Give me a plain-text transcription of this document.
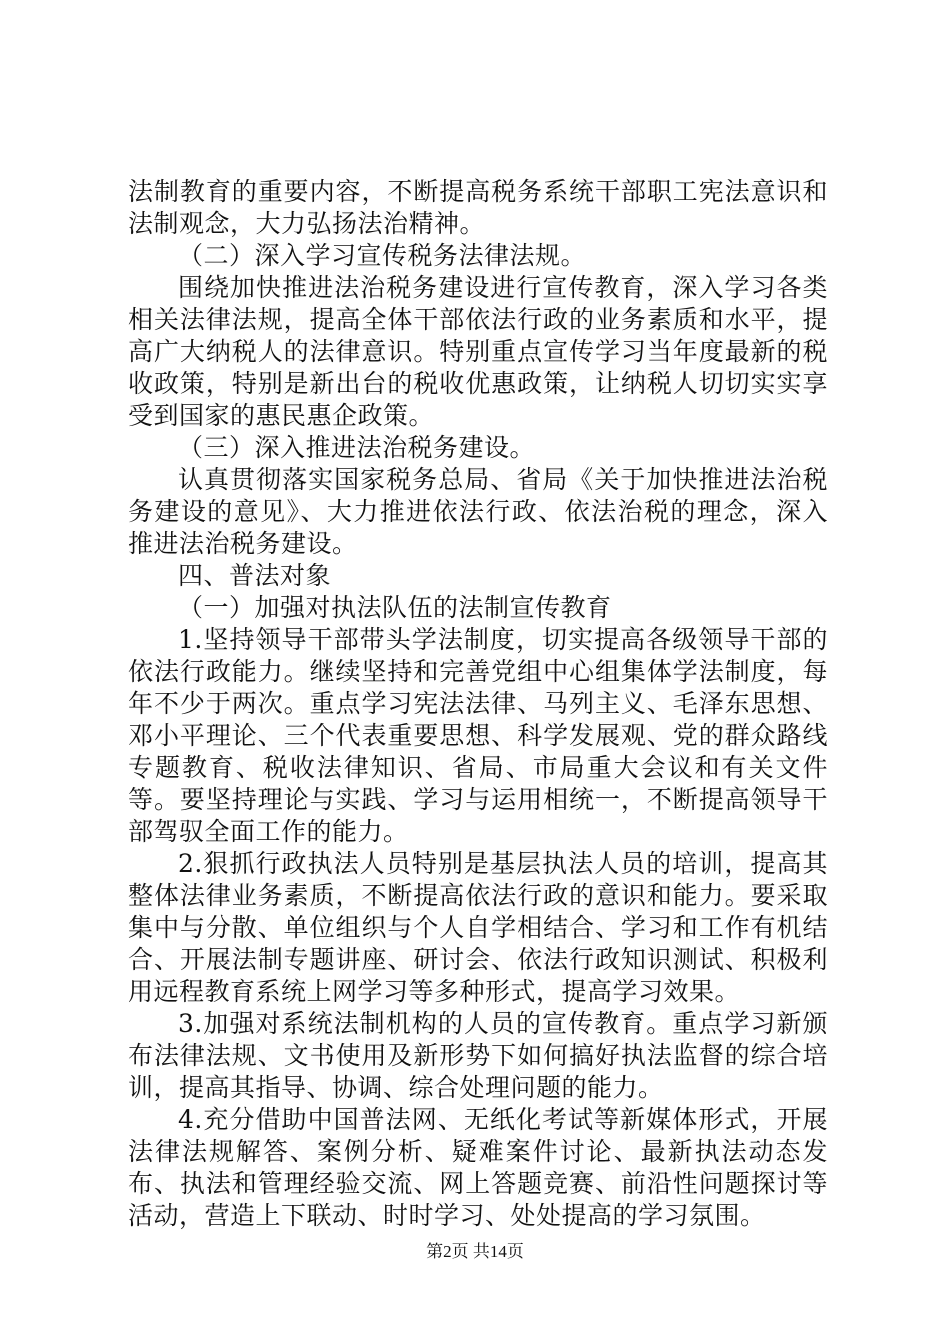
法制教育的重要内容，不断提高税务系统干部职工宪法意识和法制观念，大力弘扬法治精神。

（二）深入学习宣传税务法律法规。

围绕加快推进法治税务建设进行宣传教育，深入学习各类相关法律法规，提高全体干部依法行政的业务素质和水平，提高广大纳税人的法律意识。特别重点宣传学习当年度最新的税收政策，特别是新出台的税收优惠政策，让纳税人切切实实享受到国家的惠民惠企政策。

（三）深入推进法治税务建设。

认真贯彻落实国家税务总局、省局《关于加快推进法治税务建设的意见》、大力推进依法行政、依法治税的理念，深入推进法治税务建设。

四、普法对象

（一）加强对执法队伍的法制宣传教育

1.坚持领导干部带头学法制度，切实提高各级领导干部的依法行政能力。继续坚持和完善党组中心组集体学法制度，每年不少于两次。重点学习宪法法律、马列主义、毛泽东思想、邓小平理论、三个代表重要思想、科学发展观、党的群众路线专题教育、税收法律知识、省局、市局重大会议和有关文件等。要坚持理论与实践、学习与运用相统一，不断提高领导干部驾驭全面工作的能力。

2.狠抓行政执法人员特别是基层执法人员的培训，提高其整体法律业务素质，不断提高依法行政的意识和能力。要采取集中与分散、单位组织与个人自学相结合、学习和工作有机结合、开展法制专题讲座、研讨会、依法行政知识测试、积极利用远程教育系统上网学习等多种形式，提高学习效果。

3.加强对系统法制机构的人员的宣传教育。重点学习新颁布法律法规、文书使用及新形势下如何搞好执法监督的综合培训，提高其指导、协调、综合处理问题的能力。

4.充分借助中国普法网、无纸化考试等新媒体形式，开展法律法规解答、案例分析、疑难案件讨论、最新执法动态发布、执法和管理经验交流、网上答题竞赛、前沿性问题探讨等活动，营造上下联动、时时学习、处处提高的学习氛围。

第2页 共14页
